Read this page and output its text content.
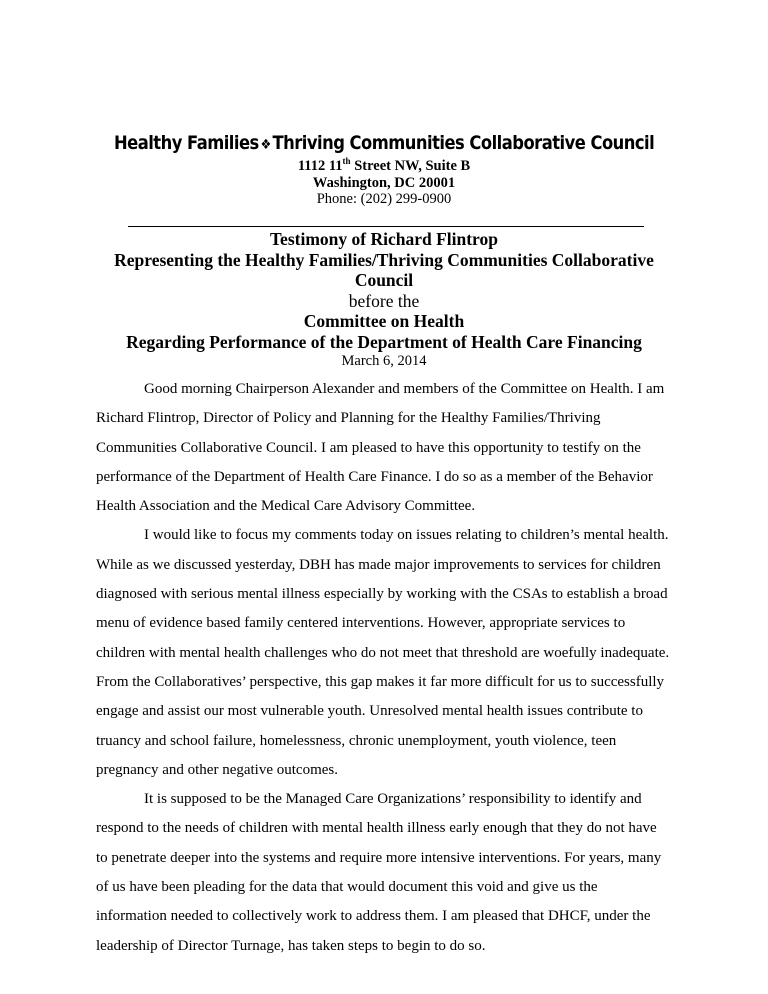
Healthy Families ❖Thriving Communities Collaborative Council
1112 11th Street NW, Suite B
Washington, DC 20001
Phone: (202) 299-0900
Testimony of Richard Flintrop
Representing the Healthy Families/Thriving Communities Collaborative Council
before the
Committee on Health
Regarding Performance of the Department of Health Care Financing
March 6, 2014

Good morning Chairperson Alexander and members of the Committee on Health. I am Richard Flintrop, Director of Policy and Planning for the Healthy Families/Thriving Communities Collaborative Council. I am pleased to have this opportunity to testify on the performance of the Department of Health Care Finance. I do so as a member of the Behavior Health Association and the Medical Care Advisory Committee.

I would like to focus my comments today on issues relating to children’s mental health. While as we discussed yesterday, DBH has made major improvements to services for children diagnosed with serious mental illness especially by working with the CSAs to establish a broad menu of evidence based family centered interventions. However, appropriate services to children with mental health challenges who do not meet that threshold are woefully inadequate. From the Collaboratives’ perspective, this gap makes it far more difficult for us to successfully engage and assist our most vulnerable youth. Unresolved mental health issues contribute to truancy and school failure, homelessness, chronic unemployment, youth violence, teen pregnancy and other negative outcomes.

It is supposed to be the Managed Care Organizations’ responsibility to identify and respond to the needs of children with mental health illness early enough that they do not have to penetrate deeper into the systems and require more intensive interventions. For years, many of us have been pleading for the data that would document this void and give us the information needed to collectively work to address them. I am pleased that DHCF, under the leadership of Director Turnage, has taken steps to begin to do so.
